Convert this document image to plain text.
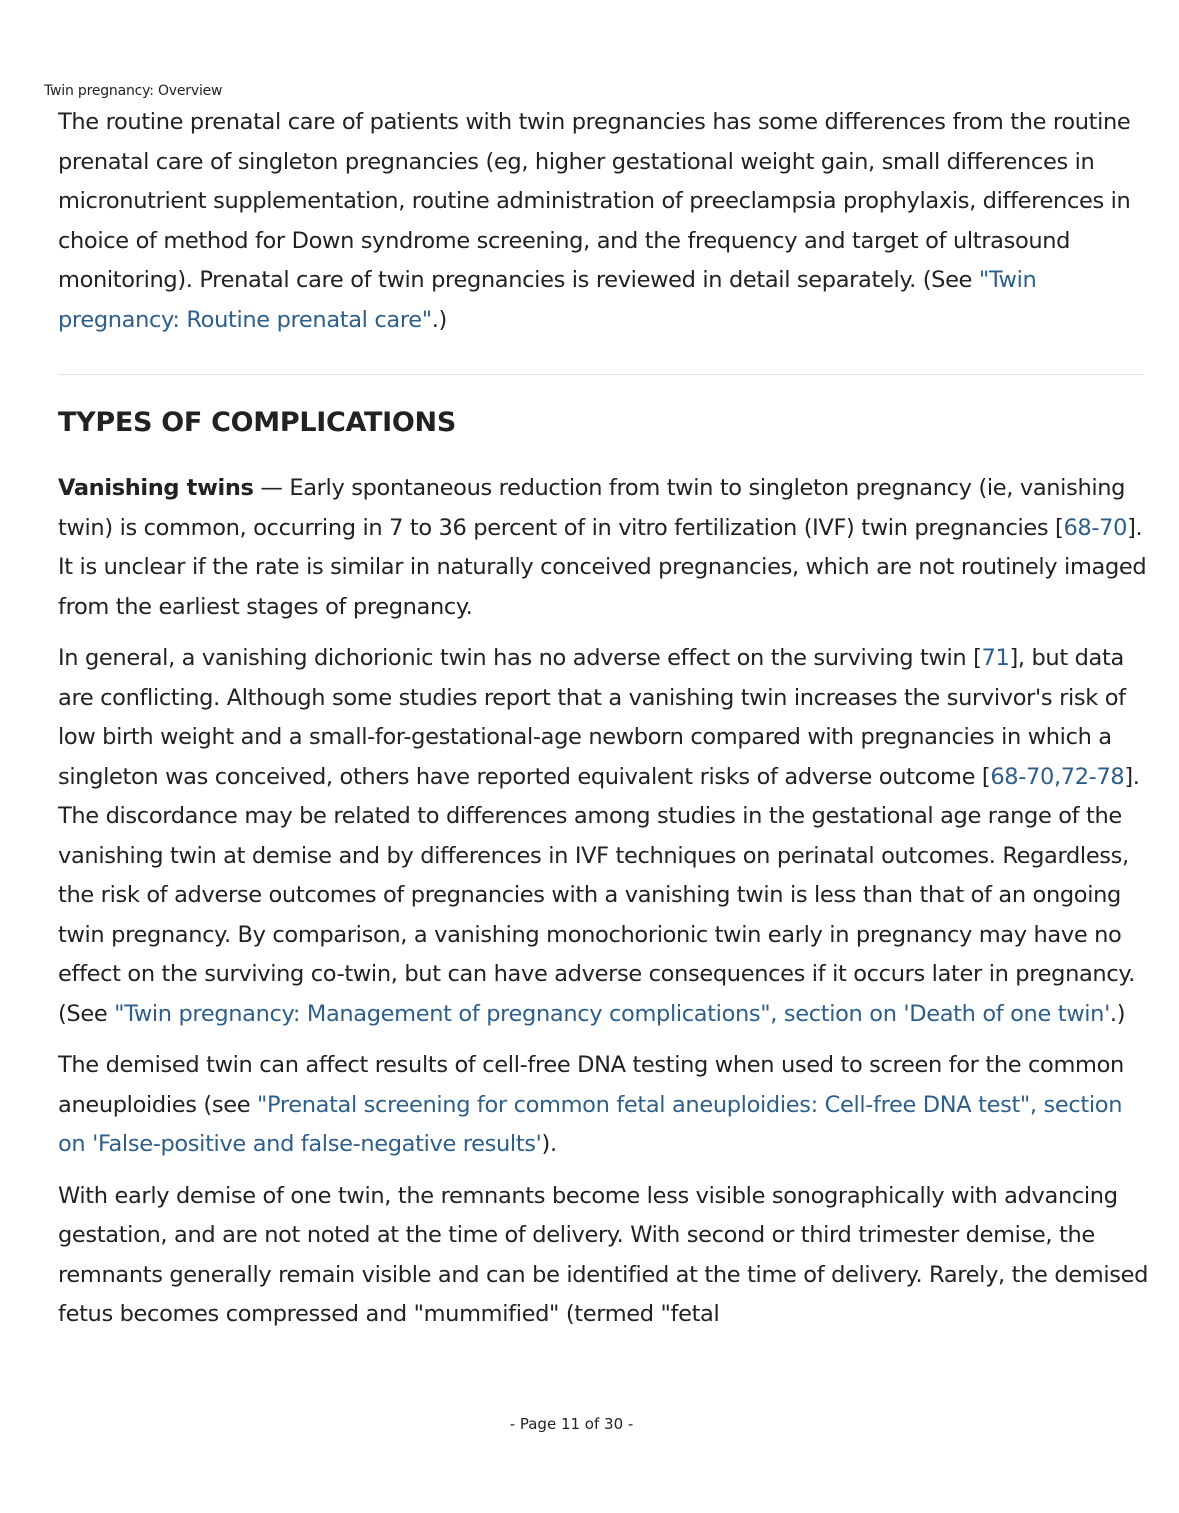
Twin pregnancy: Overview

The routine prenatal care of patients with twin pregnancies has some differences from the routine prenatal care of singleton pregnancies (eg, higher gestational weight gain, small differences in micronutrient supplementation, routine administration of preeclampsia prophylaxis, differences in choice of method for Down syndrome screening, and the frequency and target of ultrasound monitoring). Prenatal care of twin pregnancies is reviewed in detail separately. (See "Twin pregnancy: Routine prenatal care".)

TYPES OF COMPLICATIONS

Vanishing twins — Early spontaneous reduction from twin to singleton pregnancy (ie, vanishing twin) is common, occurring in 7 to 36 percent of in vitro fertilization (IVF) twin pregnancies [68-70]. It is unclear if the rate is similar in naturally conceived pregnancies, which are not routinely imaged from the earliest stages of pregnancy.

In general, a vanishing dichorionic twin has no adverse effect on the surviving twin [71], but data are conflicting. Although some studies report that a vanishing twin increases the survivor's risk of low birth weight and a small-for-gestational-age newborn compared with pregnancies in which a singleton was conceived, others have reported equivalent risks of adverse outcome [68-70,72-78]. The discordance may be related to differences among studies in the gestational age range of the vanishing twin at demise and by differences in IVF techniques on perinatal outcomes. Regardless, the risk of adverse outcomes of pregnancies with a vanishing twin is less than that of an ongoing twin pregnancy. By comparison, a vanishing monochorionic twin early in pregnancy may have no effect on the surviving co-twin, but can have adverse consequences if it occurs later in pregnancy. (See "Twin pregnancy: Management of pregnancy complications", section on 'Death of one twin'.)

The demised twin can affect results of cell-free DNA testing when used to screen for the common aneuploidies (see "Prenatal screening for common fetal aneuploidies: Cell-free DNA test", section on 'False-positive and false-negative results').

With early demise of one twin, the remnants become less visible sonographically with advancing gestation, and are not noted at the time of delivery. With second or third trimester demise, the remnants generally remain visible and can be identified at the time of delivery. Rarely, the demised fetus becomes compressed and "mummified" (termed "fetal

- Page 11 of 30 -
